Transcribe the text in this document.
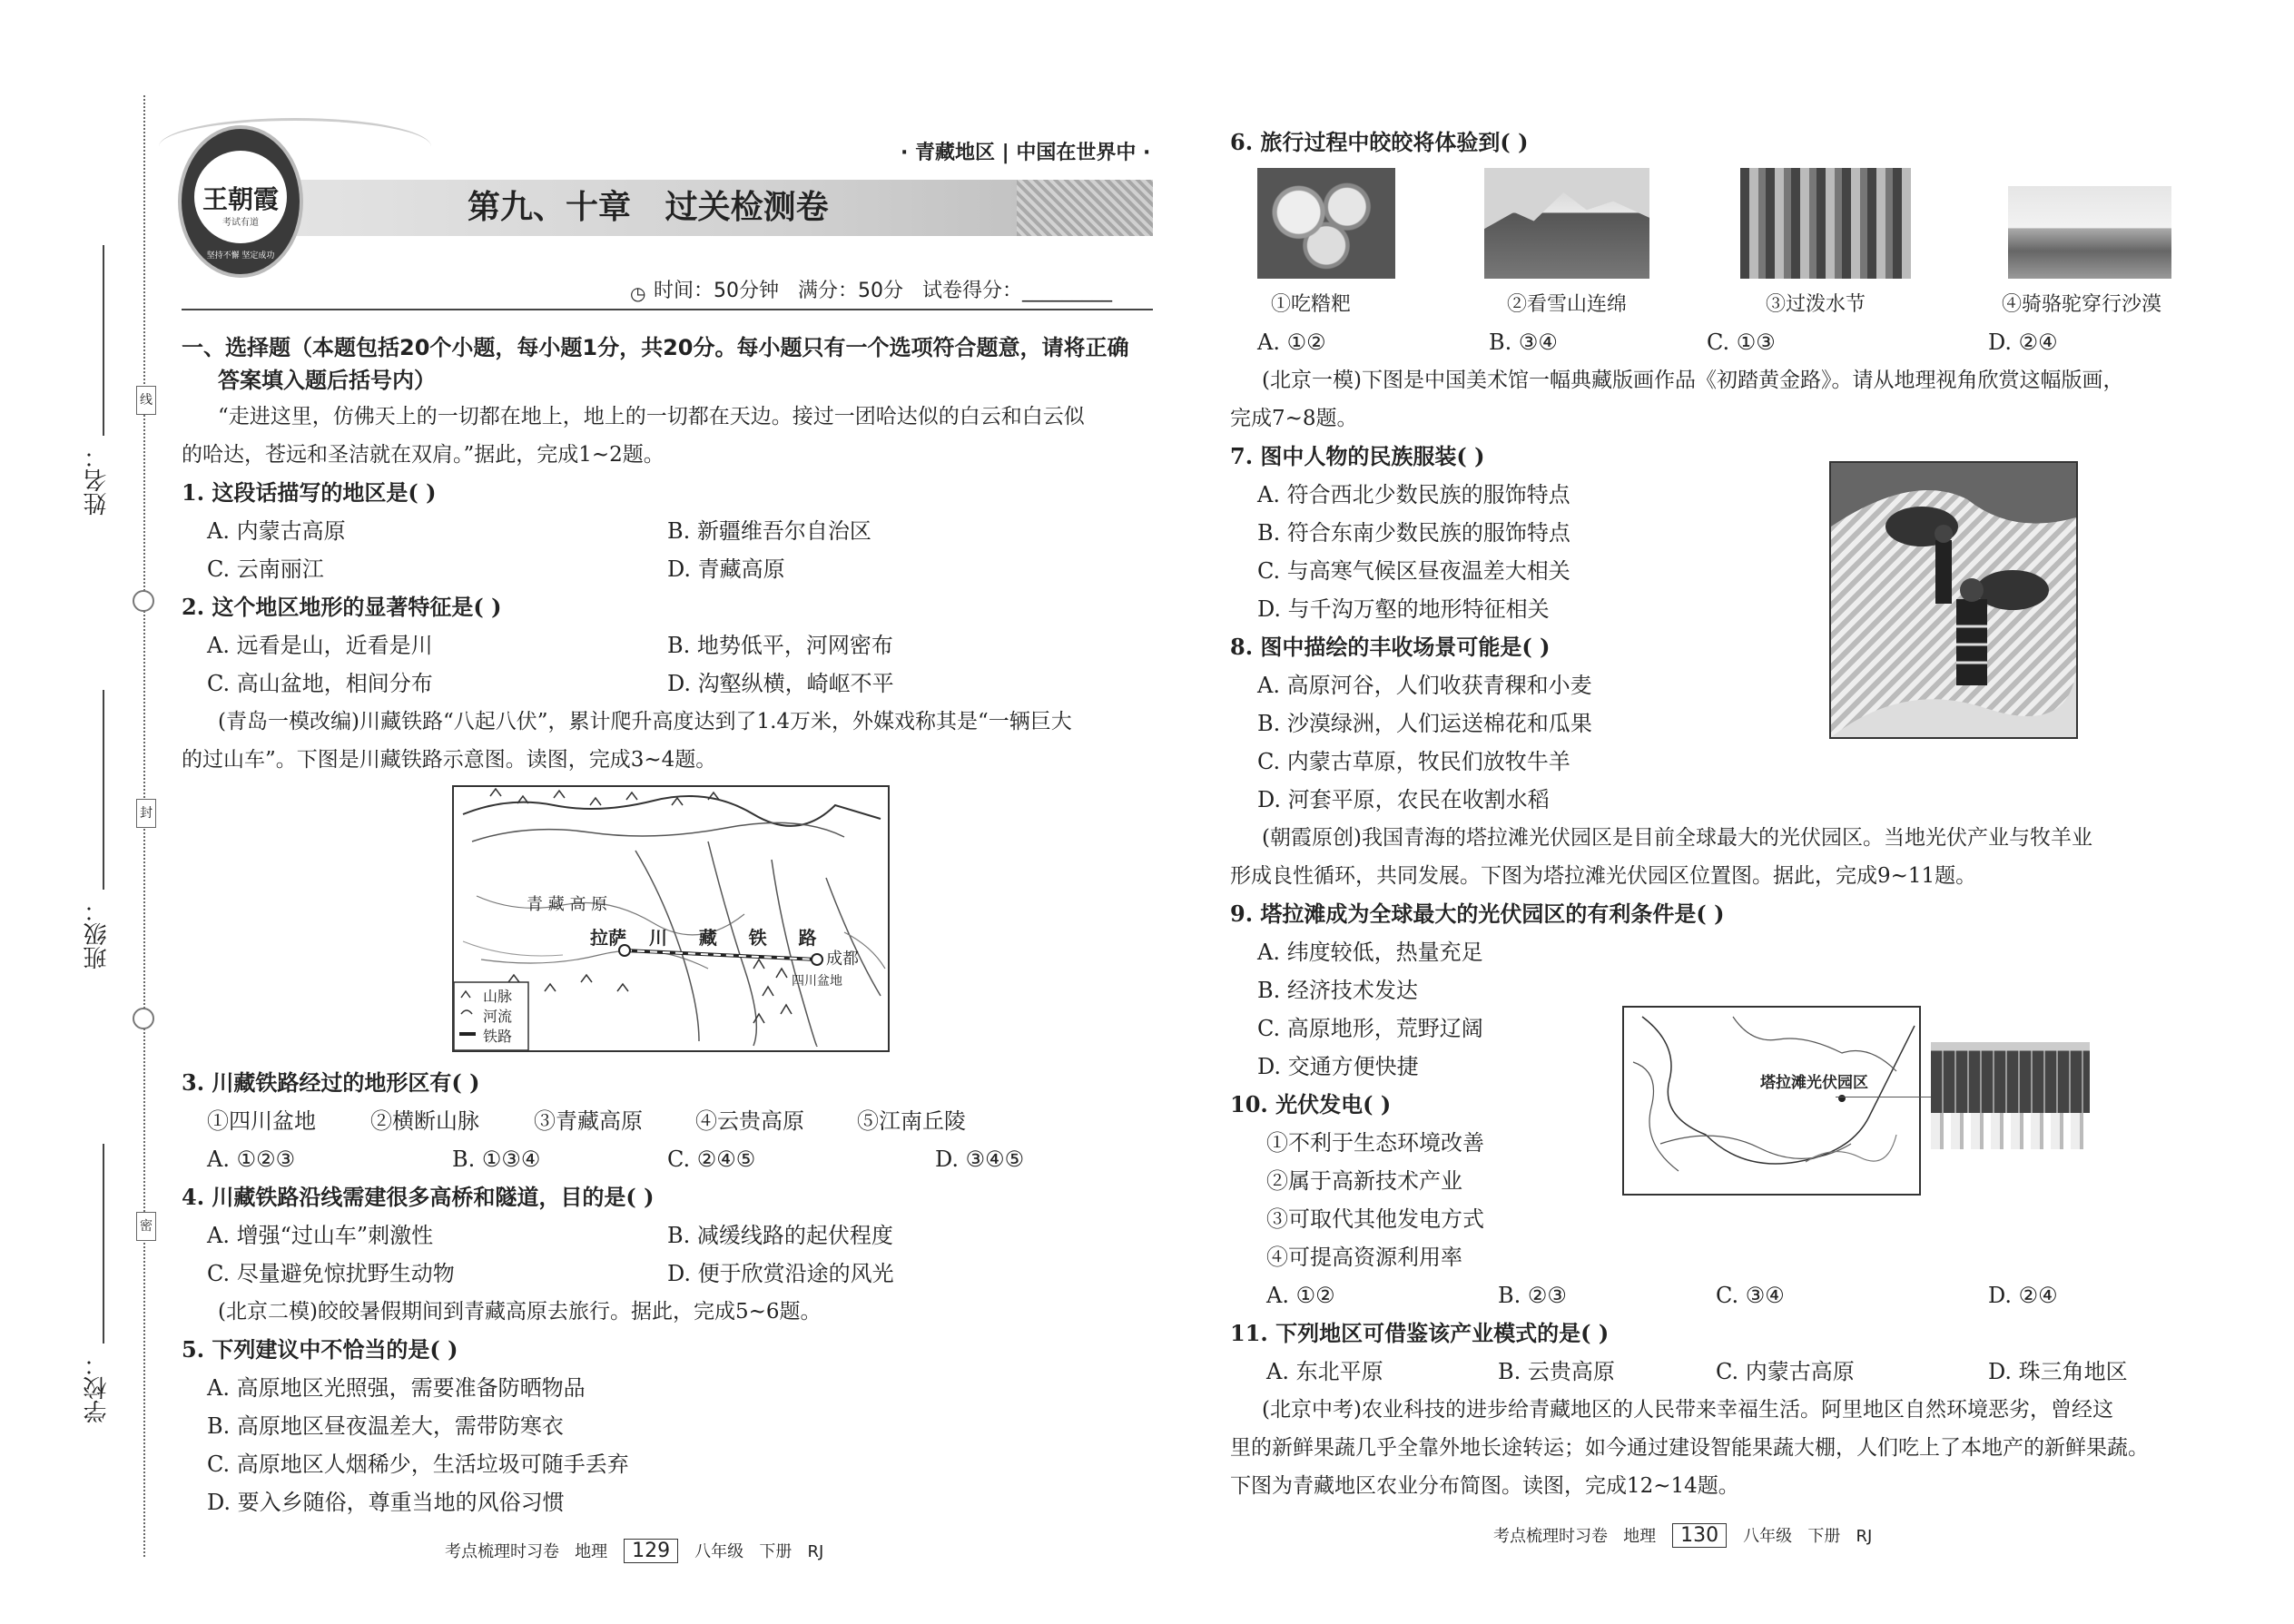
线
封
密
姓名：
班级：
学校：
王朝霞
考试有道
坚持不懈 坚定成功
· 青藏地区 | 中国在世界中 ·
第九、十章   过关检测卷
◷ 时间：50分钟   满分：50分   试卷得分：_________
一、选择题（本题包括20个小题，每小题1分，共20分。每小题只有一个选项符合题意，请将正确
答案填入题后括号内）
“走进这里，仿佛天上的一切都在地上，地上的一切都在天边。接过一团哈达似的白云和白云似
的哈达，苍远和圣洁就在双肩。”据此，完成1~2题。
1. 这段话描写的地区是( )
A. 内蒙古高原	B. 新疆维吾尔自治区
C. 云南丽江	D. 青藏高原
2. 这个地区地形的显著特征是( )
A. 远看是山，近看是川	B. 地势低平，河网密布
C. 高山盆地，相间分布	D. 沟壑纵横，崎岖不平
(青岛一模改编)川藏铁路“八起八伏”，累计爬升高度达到了1.4万米，外媒戏称其是“一辆巨大
的过山车”。下图是川藏铁路示意图。读图，完成3~4题。
青 藏 高 原
拉萨 川     藏     铁     路
成都
四川盆地
山脉
河流
铁路
3. 川藏铁路经过的地形区有( )
①四川盆地	②横断山脉	③青藏高原 ④云贵高原 ⑤江南丘陵
A. ①②③	B. ①③④	C. ②④⑤	D. ③④⑤
4. 川藏铁路沿线需建很多高桥和隧道，目的是( )
A. 增强“过山车”刺激性	B. 减缓线路的起伏程度
C. 尽量避免惊扰野生动物	D. 便于欣赏沿途的风光
(北京二模)皎皎暑假期间到青藏高原去旅行。据此，完成5~6题。
5. 下列建议中不恰当的是( )
A. 高原地区光照强，需要准备防晒物品
B. 高原地区昼夜温差大，需带防寒衣
C. 高原地区人烟稀少，生活垃圾可随手丢弃
D. 要入乡随俗，尊重当地的风俗习惯
考点梳理时习卷   地理 129 八年级   下册   RJ
6. 旅行过程中皎皎将体验到( )
①吃糌粑	②看雪山连绵	③过泼水节	④骑骆驼穿行沙漠
A. ①②	B. ③④	C. ①③	D. ②④
(北京一模)下图是中国美术馆一幅典藏版画作品《初踏黄金路》。请从地理视角欣赏这幅版画，
完成7~8题。
7. 图中人物的民族服装( )
A. 符合西北少数民族的服饰特点
B. 符合东南少数民族的服饰特点
C. 与高寒气候区昼夜温差大相关
D. 与千沟万壑的地形特征相关
8. 图中描绘的丰收场景可能是( )
A. 高原河谷，人们收获青稞和小麦
B. 沙漠绿洲，人们运送棉花和瓜果
C. 内蒙古草原，牧民们放牧牛羊
D. 河套平原，农民在收割水稻
(朝霞原创)我国青海的塔拉滩光伏园区是目前全球最大的光伏园区。当地光伏产业与牧羊业
形成良性循环，共同发展。下图为塔拉滩光伏园区位置图。据此，完成9~11题。
9. 塔拉滩成为全球最大的光伏园区的有利条件是( )
A. 纬度较低，热量充足
B. 经济技术发达
C. 高原地形，荒野辽阔
D. 交通方便快捷
塔拉滩光伏园区
10. 光伏发电( )
①不利于生态环境改善
②属于高新技术产业
③可取代其他发电方式
④可提高资源利用率
A. ①②	B. ②③	C. ③④	D. ②④
11. 下列地区可借鉴该产业模式的是( )
A. 东北平原	B. 云贵高原	C. 内蒙古高原	D. 珠三角地区
(北京中考)农业科技的进步给青藏地区的人民带来幸福生活。阿里地区自然环境恶劣，曾经这
里的新鲜果蔬几乎全靠外地长途转运；如今通过建设智能果蔬大棚，人们吃上了本地产的新鲜果蔬。
下图为青藏地区农业分布简图。读图，完成12~14题。
考点梳理时习卷   地理 130 八年级   下册   RJ
